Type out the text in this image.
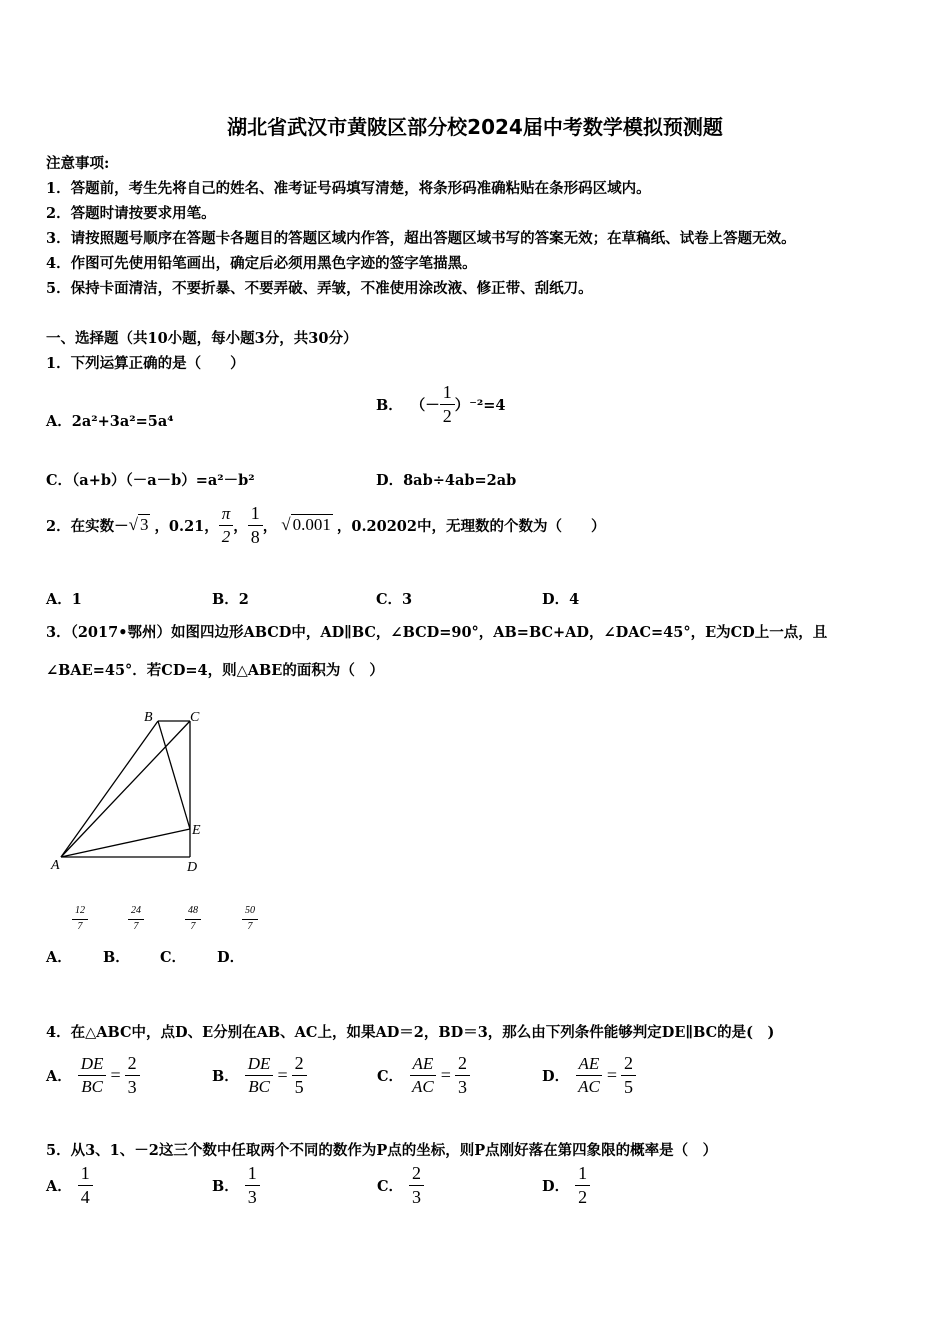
湖北省武汉市黄陂区部分校2024届中考数学模拟预测题
注意事项:
1．答题前，考生先将自己的姓名、准考证号码填写清楚，将条形码准确粘贴在条形码区域内。
2．答题时请按要求用笔。
3．请按照题号顺序在答题卡各题目的答题区域内作答，超出答题区域书写的答案无效；在草稿纸、试卷上答题无效。
4．作图可先使用铅笔画出，确定后必须用黑色字迹的签字笔描黑。
5．保持卡面清洁，不要折暴、不要弄破、弄皱，不准使用涂改液、修正带、刮纸刀。
一、选择题（共10小题，每小题3分，共30分）
1．下列运算正确的是（　　）
A．2a²+3a²=5a⁴
B． （－ $\frac{1}{2} )^{-2}=4$
C．（a+b）（－a－b）=a²－b²	D．8ab÷4ab=2ab
2．在实数－ √ 3 ，0.21， $\frac{\pi}{2}$ ， $\frac{1}{8}$ ， √ 0.001 ，0.20202中，无理数的个数为（　　）
A．1	B．2	C．3	D．4
3．（2017•鄂州）如图四边形ABCD中，AD∥BC，∠BCD=90°，AB=BC+AD，∠DAC=45°，E为CD上一点，且
∠BAE=45°．若CD=4，则△ABE的面积为（　）
B	C
E
A	D
$\frac{12}{7}$	$\frac{24}{7}$	$\frac{48}{7}$	$\frac{50}{7}$
A． B． C． D．
4．在△ABC中，点D、E分别在AB、AC上，如果AD＝2，BD＝3，那么由下列条件能够判定DE∥BC的是(　)
A． $\frac{DE}{BC} = \frac{2}{3}$	B． $\frac{DE}{BC} = \frac{2}{5}$	C． $\frac{AE}{AC} = \frac{2}{3}$	D． $\frac{AE}{AC} = \frac{2}{5}$
5．从3、1、－2这三个数中任取两个不同的数作为P点的坐标，则P点刚好落在第四象限的概率是（　）
A． $\frac{1}{4}$	B． $\frac{1}{3}$	C． $\frac{2}{3}$	D． $\frac{1}{2}$
